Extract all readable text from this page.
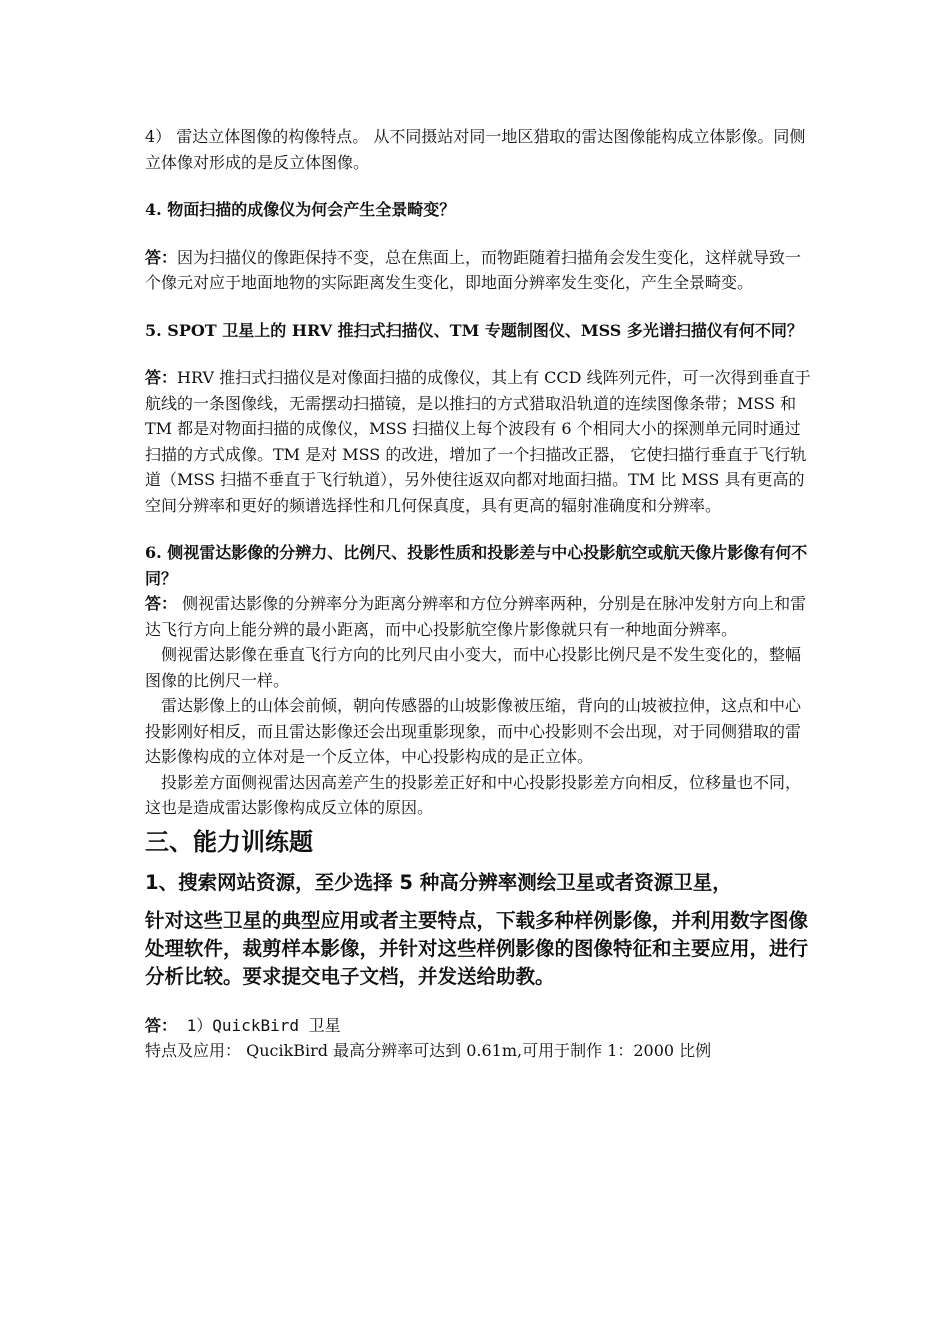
4） 雷达立体图像的构像特点。 从不同摄站对同一地区猎取的雷达图像能构成立体影像。同侧立体像对形成的是反立体图像。

4. 物面扫描的成像仪为何会产生全景畸变？

答：因为扫描仪的像距保持不变，总在焦面上，而物距随着扫描角会发生变化，这样就导致一个像元对应于地面地物的实际距离发生变化，即地面分辨率发生变化，产生全景畸变。

5. SPOT 卫星上的 HRV 推扫式扫描仪、TM 专题制图仪、MSS 多光谱扫描仪有何不同？

答：HRV 推扫式扫描仪是对像面扫描的成像仪，其上有 CCD 线阵列元件，可一次得到垂直于航线的一条图像线，无需摆动扫描镜，是以推扫的方式猎取沿轨道的连续图像条带；MSS 和 TM 都是对物面扫描的成像仪，MSS 扫描仪上每个波段有 6 个相同大小的探测单元同时通过扫描的方式成像。TM 是对 MSS 的改进，增加了一个扫描改正器， 它使扫描行垂直于飞行轨道（MSS 扫描不垂直于飞行轨道），另外使往返双向都对地面扫描。TM 比 MSS 具有更高的空间分辨率和更好的频谱选择性和几何保真度，具有更高的辐射准确度和分辨率。

6. 侧视雷达影像的分辨力、比例尺、投影性质和投影差与中心投影航空或航天像片影像有何不同？

答： 侧视雷达影像的分辨率分为距离分辨率和方位分辨率两种，分别是在脉冲发射方向上和雷达飞行方向上能分辨的最小距离，而中心投影航空像片影像就只有一种地面分辨率。

侧视雷达影像在垂直飞行方向的比列尺由小变大，而中心投影比例尺是不发生变化的，整幅图像的比例尺一样。

雷达影像上的山体会前倾，朝向传感器的山坡影像被压缩，背向的山坡被拉伸，这点和中心投影刚好相反，而且雷达影像还会出现重影现象，而中心投影则不会出现，对于同侧猎取的雷达影像构成的立体对是一个反立体，中心投影构成的是正立体。

投影差方面侧视雷达因高差产生的投影差正好和中心投影投影差方向相反，位移量也不同，这也是造成雷达影像构成反立体的原因。

三、能力训练题

1、搜索网站资源，至少选择 5 种高分辨率测绘卫星或者资源卫星，

针对这些卫星的典型应用或者主要特点，下载多种样例影像，并利用数字图像处理软件，裁剪样本影像，并针对这些样例影像的图像特征和主要应用，进行分析比较。要求提交电子文档，并发送给助教。

答： 1）QuickBird 卫星

特点及应用： QucikBird 最高分辨率可达到 0.61m,可用于制作 1：2000 比例
